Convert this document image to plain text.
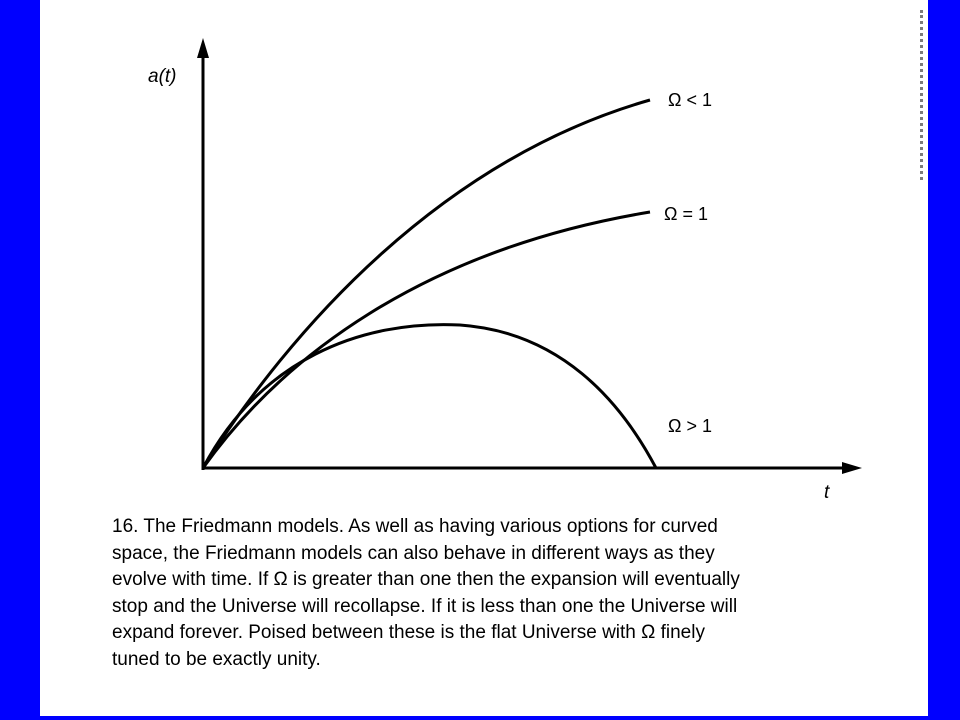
a(t)
t
Ω < 1
Ω = 1
Ω > 1

16. The Friedmann models. As well as having various options for curved
space, the Friedmann models can also behave in different ways as they
evolve with time. If Ω is greater than one then the expansion will eventually
stop and the Universe will recollapse. If it is less than one the Universe will
expand forever. Poised between these is the flat Universe with Ω finely
tuned to be exactly unity.
